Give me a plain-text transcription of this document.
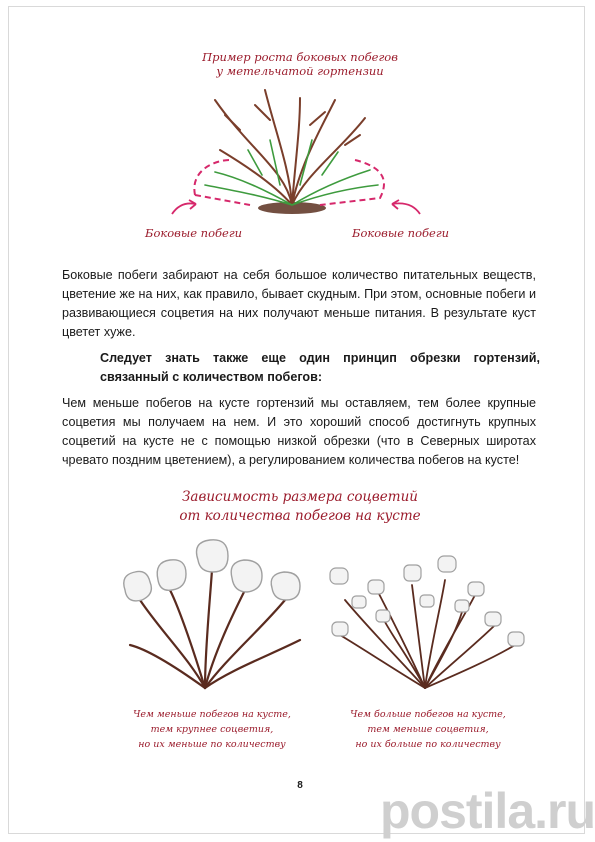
Пример роста боковых побегов
у метельчатой гортензии
Боковые побеги	Боковые побеги
Боковые побеги забирают на себя большое количество питательных веществ, цветение же на них, как правило, бывает скудным. При этом, основные побеги и развивающиеся соцветия на них получают меньше питания. В результате куст цветет хуже.
Следует знать также еще один принцип обрезки гортензий, связанный с количеством побегов:
Чем меньше побегов на кусте гортензий мы оставляем, тем более крупные соцветия мы получаем на нем. И это хороший способ достигнуть крупных соцветий на кусте не с помощью низкой обрезки (что в Северных широтах чревато поздним цветением), а регулированием количества побегов на кусте!
Зависимость размера соцветий
от количества побегов на кусте
Чем меньше побегов на кусте,
тем крупнее соцветия,
но их меньше по количеству
Чем больше побегов на кусте,
тем меньше соцветия,
но их больше по количеству
8 postila.ru
